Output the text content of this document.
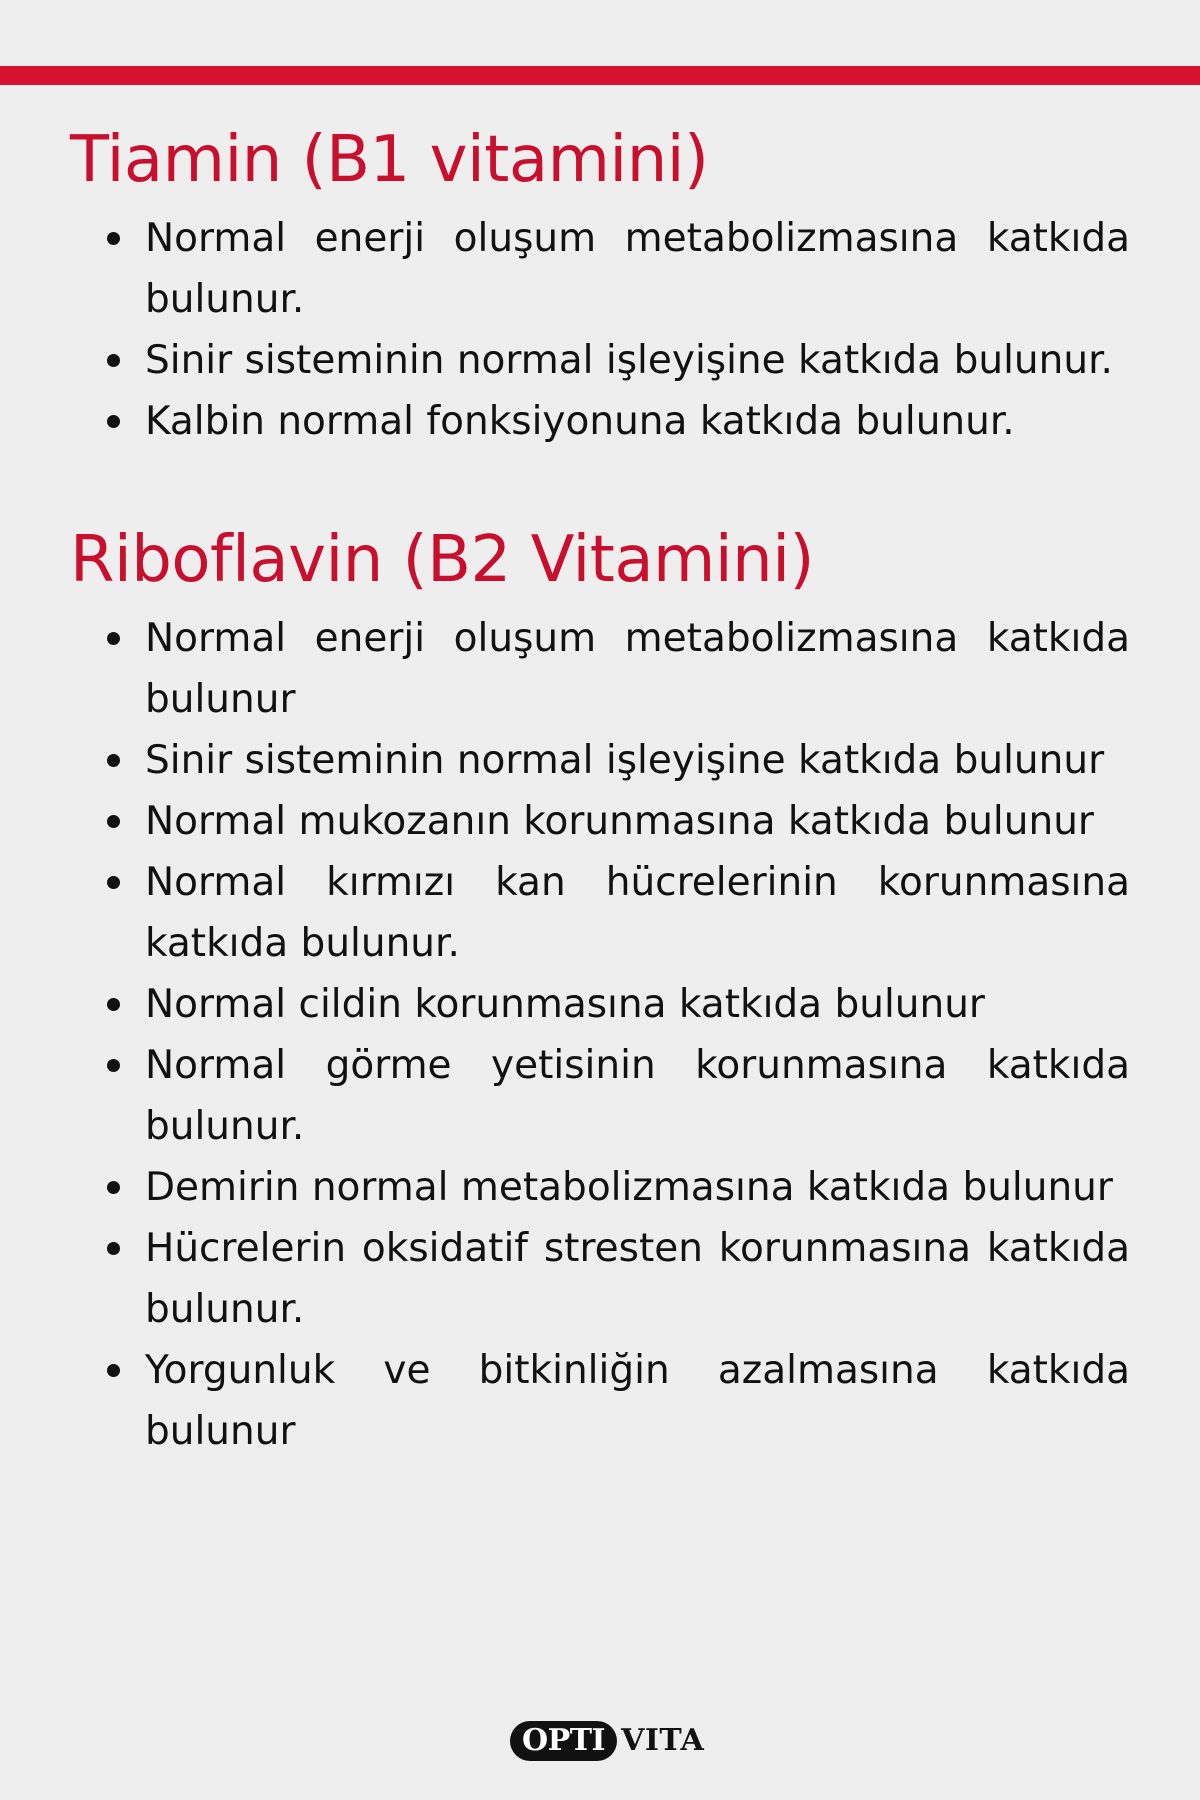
Tiamin (B1 vitamini)
Normal enerji oluşum metabolizmasına katkıda bulunur.
Sinir sisteminin normal işleyişine katkıda bulunur.
Kalbin normal fonksiyonuna katkıda bulunur.
Riboflavin (B2 Vitamini)
Normal enerji oluşum metabolizmasına katkıda bulunur
Sinir sisteminin normal işleyişine katkıda bulunur
Normal mukozanın korunmasına katkıda bulunur
Normal kırmızı kan hücrelerinin korunmasına katkıda bulunur.
Normal cildin korunmasına katkıda bulunur
Normal görme yetisinin korunmasına katkıda bulunur.
Demirin normal metabolizmasına katkıda bulunur
Hücrelerin oksidatif stresten korunmasına katkıda bulunur.
Yorgunluk ve bitkinliğin azalmasına katkıda bulunur
OPTI VITA
